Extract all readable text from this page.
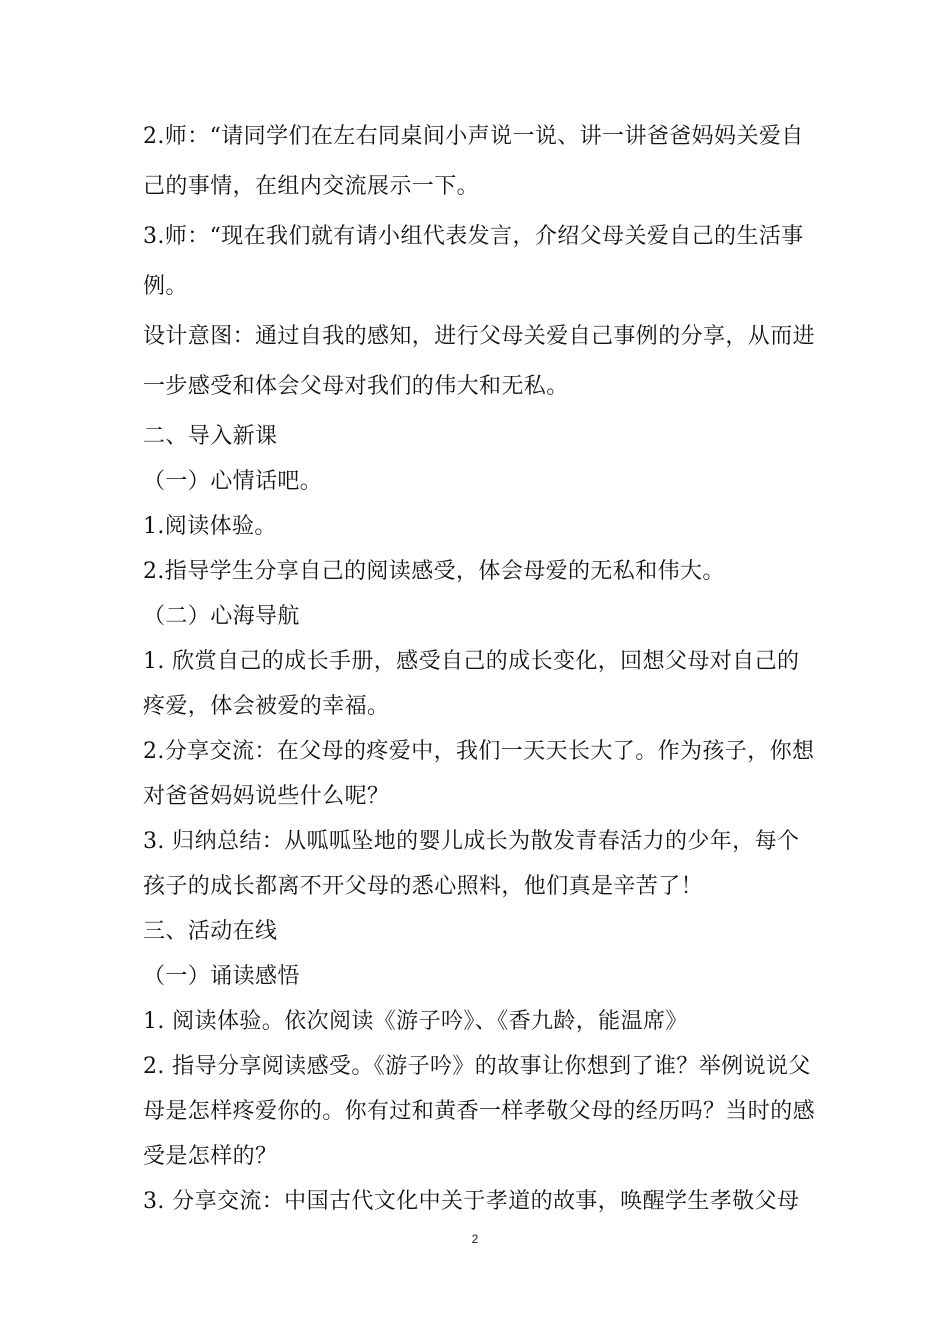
2.师：“请同学们在左右同桌间小声说一说、讲一讲爸爸妈妈关爱自
己的事情，在组内交流展示一下。
3.师：“现在我们就有请小组代表发言，介绍父母关爱自己的生活事
例。
设计意图：通过自我的感知，进行父母关爱自己事例的分享，从而进
一步感受和体会父母对我们的伟大和无私。
二、导入新课
（一）心情话吧。
1.阅读体验。
2.指导学生分享自己的阅读感受，体会母爱的无私和伟大。
（二）心海导航
1. 欣赏自己的成长手册，感受自己的成长变化，回想父母对自己的
疼爱，体会被爱的幸福。
2.分享交流：在父母的疼爱中，我们一天天长大了。作为孩子，你想
对爸爸妈妈说些什么呢？
3. 归纳总结：从呱呱坠地的婴儿成长为散发青春活力的少年，每个
孩子的成长都离不开父母的悉心照料，他们真是辛苦了！
三、活动在线
（一）诵读感悟
1. 阅读体验。依次阅读《游子吟》、《香九龄，能温席》
2. 指导分享阅读感受。《游子吟》的故事让你想到了谁？举例说说父
母是怎样疼爱你的。你有过和黄香一样孝敬父母的经历吗？当时的感
受是怎样的？
3. 分享交流：中国古代文化中关于孝道的故事，唤醒学生孝敬父母
2
